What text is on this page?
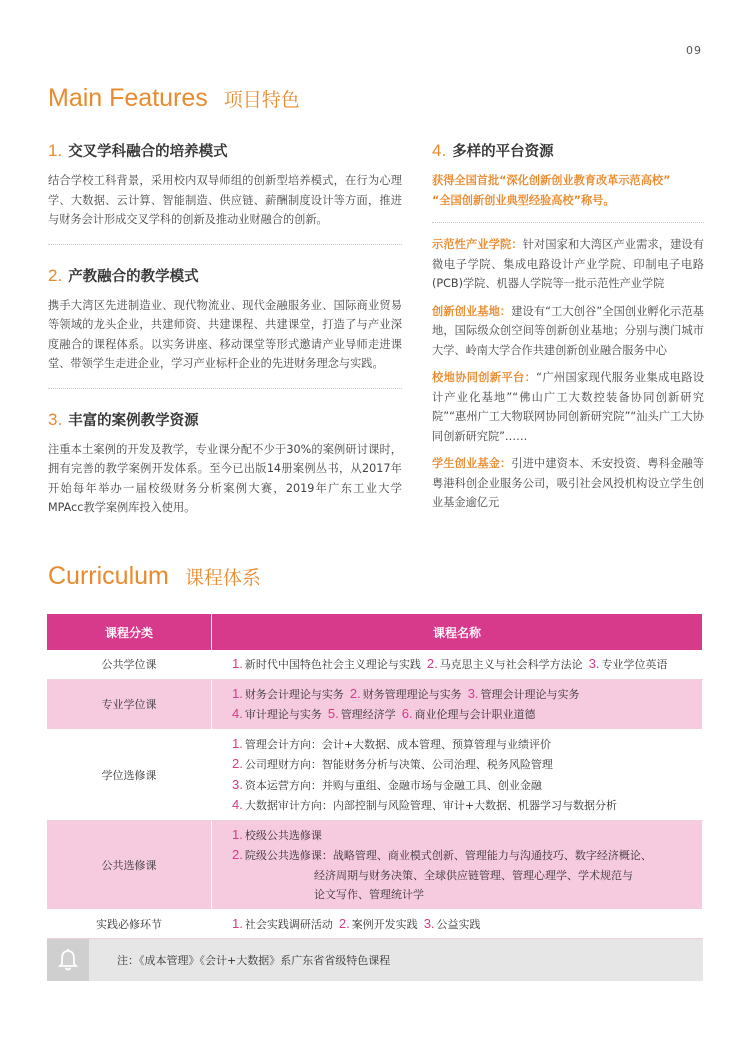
09
Main Features 项目特色
1. 交叉学科融合的培养模式
结合学校工科背景，采用校内双导师组的创新型培养模式，在行为心理学、大数据、云计算、智能制造、供应链、薪酬制度设计等方面，推进与财务会计形成交叉学科的创新及推动业财融合的创新。
2. 产教融合的教学模式
携手大湾区先进制造业、现代物流业、现代金融服务业、国际商业贸易等领域的龙头企业，共建师资、共建课程、共建课堂，打造了与产业深度融合的课程体系。以实务讲座、移动课堂等形式邀请产业导师走进课堂、带领学生走进企业，学习产业标杆企业的先进财务理念与实践。
3. 丰富的案例教学资源
注重本土案例的开发及教学，专业课分配不少于30%的案例研讨课时，拥有完善的教学案例开发体系。至今已出版14册案例丛书，从2017年开始每年举办一届校级财务分析案例大赛，2019年广东工业大学MPAcc教学案例库投入使用。
4. 多样的平台资源
获得全国首批“深化创新创业教育改革示范高校”
“全国创新创业典型经验高校”称号。
示范性产业学院：针对国家和大湾区产业需求，建设有微电子学院、集成电路设计产业学院、印制电子电路(PCB)学院、机器人学院等一批示范性产业学院
创新创业基地：建设有“工大创谷”全国创业孵化示范基地，国际级众创空间等创新创业基地；分别与澳门城市大学、岭南大学合作共建创新创业融合服务中心
校地协同创新平台：“广州国家现代服务业集成电路设计产业化基地”“佛山广工大数控装备协同创新研究院”“惠州广工大物联网协同创新研究院”“汕头广工大协同创新研究院”……
学生创业基金：引进中建资本、禾安投资、粤科金融等粤港科创企业服务公司，吸引社会风投机构设立学生创业基金逾亿元
Curriculum 课程体系
课程分类	课程名称
公共学位课	1. 新时代中国特色社会主义理论与实践 2. 马克思主义与社会科学方法论 3. 专业学位英语

专业学位课	1. 财务会计理论与实务 2. 财务管理理论与实务 3. 管理会计理论与实务
4. 审计理论与实务 5. 管理经济学 6. 商业伦理与会计职业道德

学位选修课	1. 管理会计方向：会计+大数据、成本管理、预算管理与业绩评价
2. 公司理财方向：智能财务分析与决策、公司治理、税务风险管理
3. 资本运营方向：并购与重组、金融市场与金融工具、创业金融
4. 大数据审计方向：内部控制与风险管理、审计+大数据、机器学习与数据分析

公共选修课	1. 校级公共选修课
2. 院级公共选修课：战略管理、商业模式创新、管理能力与沟通技巧、数字经济概论、
经济周期与财务决策、全球供应链管理、管理心理学、学术规范与
论文写作、管理统计学

实践必修环节	1. 社会实践调研活动 2. 案例开发实践 3. 公益实践
注：《成本管理》《会计+大数据》系广东省省级特色课程
